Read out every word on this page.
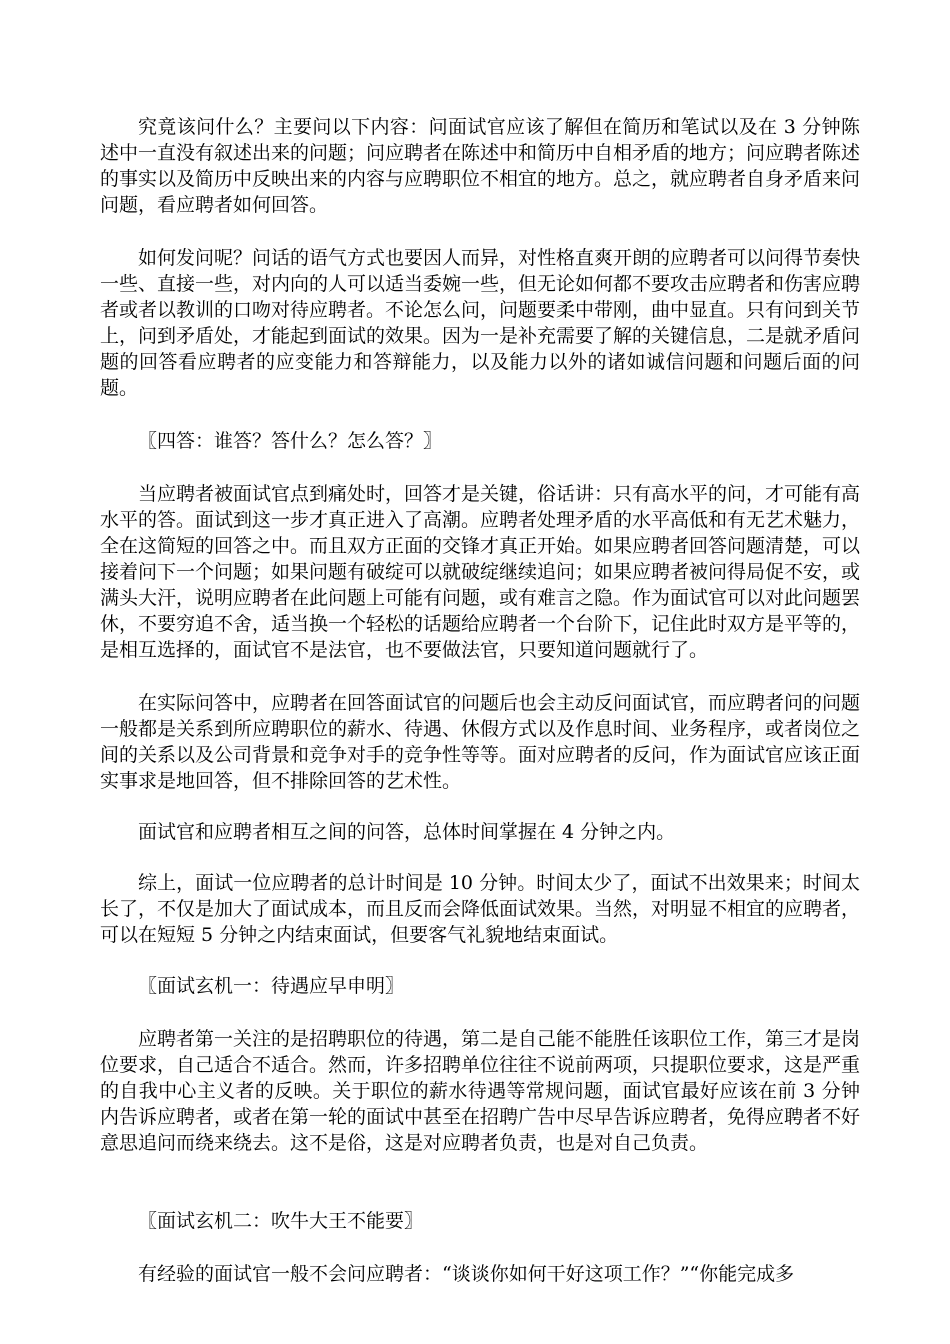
究竟该问什么？主要问以下内容：问面试官应该了解但在简历和笔试以及在 3 分钟陈述中一直没有叙述出来的问题；问应聘者在陈述中和简历中自相矛盾的地方；问应聘者陈述的事实以及简历中反映出来的内容与应聘职位不相宜的地方。总之，就应聘者自身矛盾来问问题，看应聘者如何回答。

如何发问呢？问话的语气方式也要因人而异，对性格直爽开朗的应聘者可以问得节奏快一些、直接一些，对内向的人可以适当委婉一些，但无论如何都不要攻击应聘者和伤害应聘者或者以教训的口吻对待应聘者。不论怎么问，问题要柔中带刚，曲中显直。只有问到关节上，问到矛盾处，才能起到面试的效果。因为一是补充需要了解的关键信息，二是就矛盾问题的回答看应聘者的应变能力和答辩能力，以及能力以外的诸如诚信问题和问题后面的问题。

〖四答：谁答？答什么？怎么答？〗

当应聘者被面试官点到痛处时，回答才是关键，俗话讲：只有高水平的问，才可能有高水平的答。面试到这一步才真正进入了高潮。应聘者处理矛盾的水平高低和有无艺术魅力，全在这简短的回答之中。而且双方正面的交锋才真正开始。如果应聘者回答问题清楚，可以接着问下一个问题；如果问题有破绽可以就破绽继续追问；如果应聘者被问得局促不安，或满头大汗，说明应聘者在此问题上可能有问题，或有难言之隐。作为面试官可以对此问题罢休，不要穷追不舍，适当换一个轻松的话题给应聘者一个台阶下，记住此时双方是平等的，是相互选择的，面试官不是法官，也不要做法官，只要知道问题就行了。

在实际问答中，应聘者在回答面试官的问题后也会主动反问面试官，而应聘者问的问题一般都是关系到所应聘职位的薪水、待遇、休假方式以及作息时间、业务程序，或者岗位之间的关系以及公司背景和竞争对手的竞争性等等。面对应聘者的反问，作为面试官应该正面实事求是地回答，但不排除回答的艺术性。

面试官和应聘者相互之间的问答，总体时间掌握在 4 分钟之内。

综上，面试一位应聘者的总计时间是 10 分钟。时间太少了，面试不出效果来；时间太长了，不仅是加大了面试成本，而且反而会降低面试效果。当然，对明显不相宜的应聘者，可以在短短 5 分钟之内结束面试，但要客气礼貌地结束面试。

〖面试玄机一：待遇应早申明〗

应聘者第一关注的是招聘职位的待遇，第二是自己能不能胜任该职位工作，第三才是岗位要求，自己适合不适合。然而，许多招聘单位往往不说前两项，只提职位要求，这是严重的自我中心主义者的反映。关于职位的薪水待遇等常规问题，面试官最好应该在前 3 分钟内告诉应聘者，或者在第一轮的面试中甚至在招聘广告中尽早告诉应聘者，免得应聘者不好意思追问而绕来绕去。这不是俗，这是对应聘者负责，也是对自己负责。

〖面试玄机二：吹牛大王不能要〗

有经验的面试官一般不会问应聘者：“谈谈你如何干好这项工作？”“你能完成多
